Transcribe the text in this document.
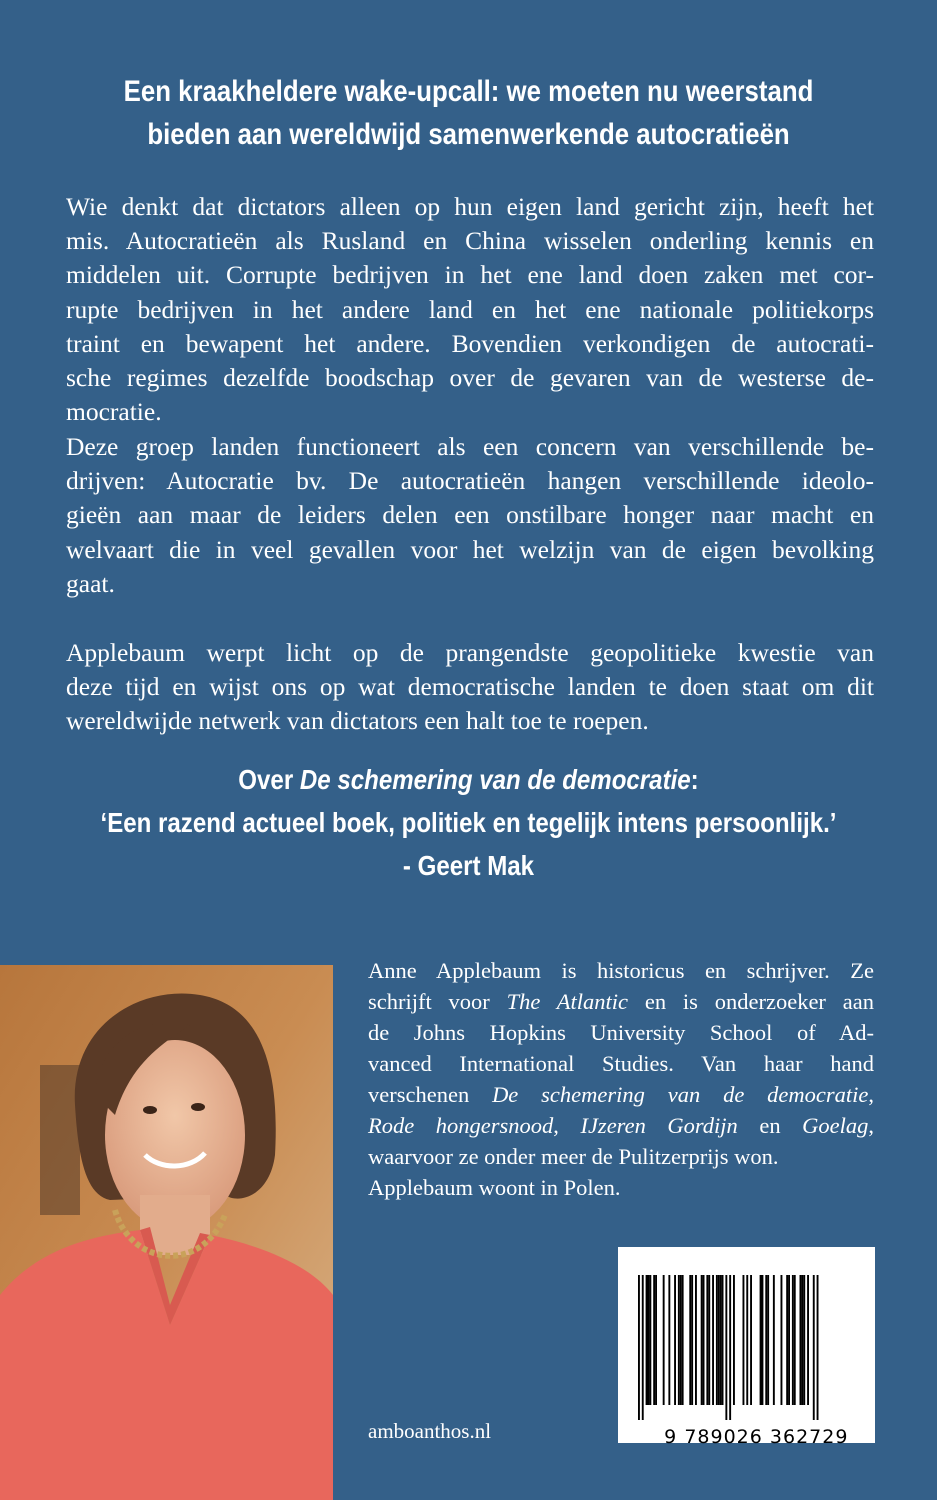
Een kraakheldere wake-upcall: we moeten nu weerstand
bieden aan wereldwijd samenwerkende autocratieën
Wie denkt dat dictators alleen op hun eigen land gericht zijn, heeft het
mis. Autocratieën als Rusland en China wisselen onderling kennis en
middelen uit. Corrupte bedrijven in het ene land doen zaken met cor-
rupte bedrijven in het andere land en het ene nationale politiekorps
traint en bewapent het andere. Bovendien verkondigen de autocrati-
sche regimes dezelfde boodschap over de gevaren van de westerse de-
mocratie.
Deze groep landen functioneert als een concern van verschillende be-
drijven: Autocratie bv. De autocratieën hangen verschillende ideolo-
gieën aan maar de leiders delen een onstilbare honger naar macht en
welvaart die in veel gevallen voor het welzijn van de eigen bevolking
gaat.
Applebaum werpt licht op de prangendste geopolitieke kwestie van
deze tijd en wijst ons op wat democratische landen te doen staat om dit
wereldwijde netwerk van dictators een halt toe te roepen.
Over De schemering van de democratie:
‘Een razend actueel boek, politiek en tegelijk intens persoonlijk.’
- Geert Mak
Anne Applebaum is historicus en schrijver. Ze
schrijft voor The Atlantic en is onderzoeker aan
de Johns Hopkins University School of Ad-
vanced International Studies. Van haar hand
verschenen De schemering van de democratie,
Rode hongersnood, IJzeren Gordijn en Goelag,
waarvoor ze onder meer de Pulitzerprijs won.
Applebaum woont in Polen.

9 789026 362729

amboanthos.nl
